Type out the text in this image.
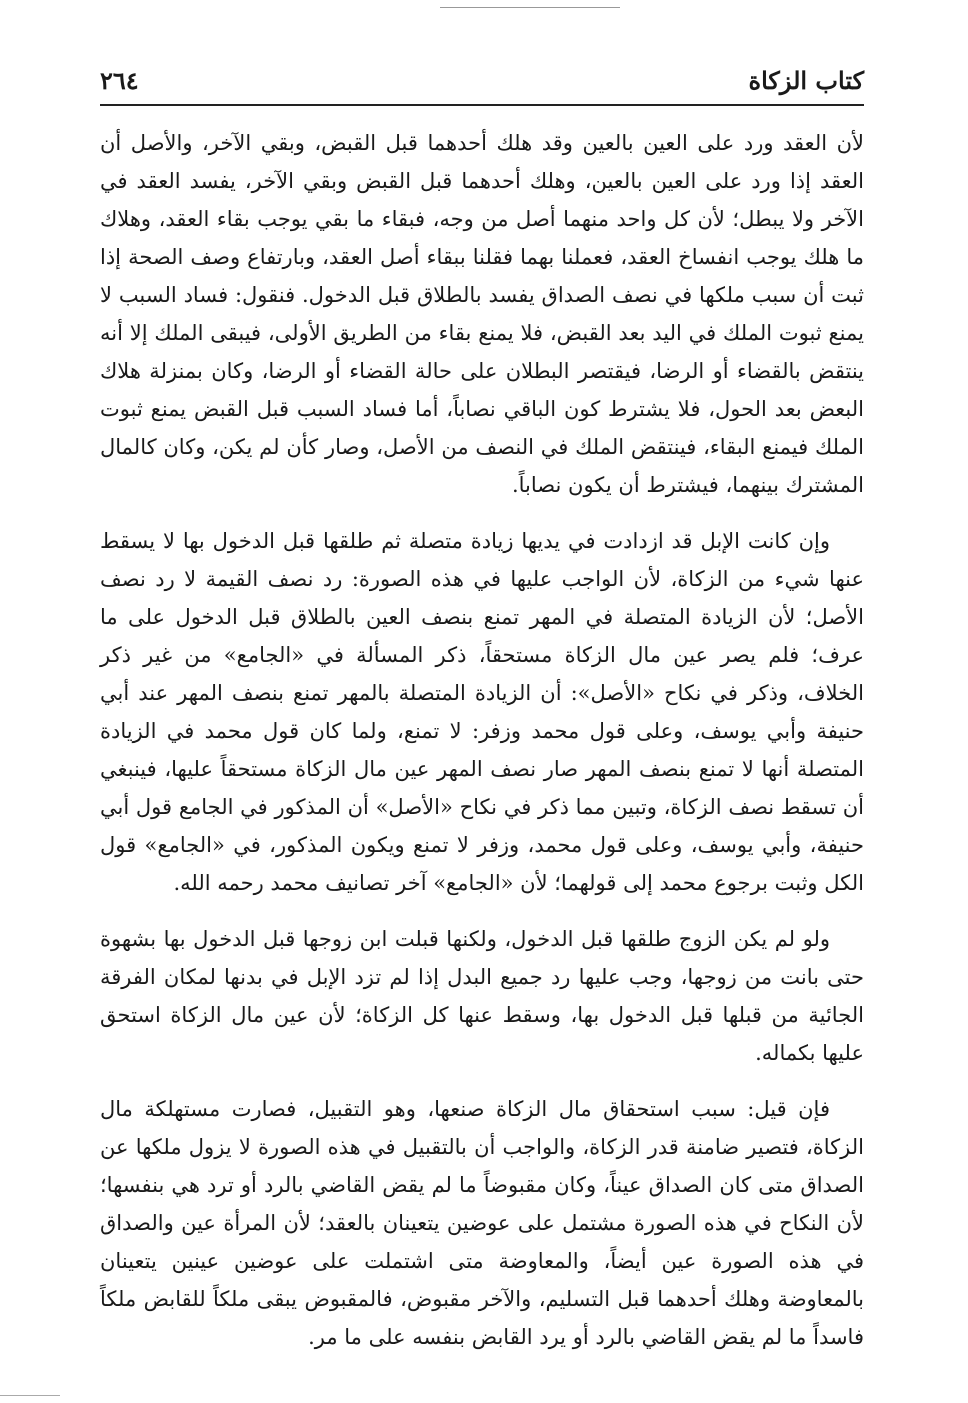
كتاب الزكاة
٢٦٤

لأن العقد ورد على العين بالعين وقد هلك أحدهما قبل القبض، وبقي الآخر، والأصل أن العقد إذا ورد على العين بالعين، وهلك أحدهما قبل القبض وبقي الآخر، يفسد العقد في الآخر ولا يبطل؛ لأن كل واحد منهما أصل من وجه، فبقاء ما بقي يوجب بقاء العقد، وهلاك ما هلك يوجب انفساخ العقد، فعملنا بهما فقلنا ببقاء أصل العقد، وبارتفاع وصف الصحة إذا ثبت أن سبب ملكها في نصف الصداق يفسد بالطلاق قبل الدخول. فنقول: فساد السبب لا يمنع ثبوت الملك في اليد بعد القبض، فلا يمنع بقاء من الطريق الأولى، فيبقى الملك إلا أنه ينتقض بالقضاء أو الرضا، فيقتصر البطلان على حالة القضاء أو الرضا، وكان بمنزلة هلاك البعض بعد الحول، فلا يشترط كون الباقي نصاباً، أما فساد السبب قبل القبض يمنع ثبوت الملك فيمنع البقاء، فينتقض الملك في النصف من الأصل، وصار كأن لم يكن، وكان كالمال المشترك بينهما، فيشترط أن يكون نصاباً.

وإن كانت الإبل قد ازدادت في يديها زيادة متصلة ثم طلقها قبل الدخول بها لا يسقط عنها شيء من الزكاة، لأن الواجب عليها في هذه الصورة: رد نصف القيمة لا رد نصف الأصل؛ لأن الزيادة المتصلة في المهر تمنع بنصف العين بالطلاق قبل الدخول على ما عرف؛ فلم يصر عين مال الزكاة مستحقاً، ذكر المسألة في «الجامع» من غير ذكر الخلاف، وذكر في نكاح «الأصل»: أن الزيادة المتصلة بالمهر تمنع بنصف المهر عند أبي حنيفة وأبي يوسف، وعلى قول محمد وزفر: لا تمنع، ولما كان قول محمد في الزيادة المتصلة أنها لا تمنع بنصف المهر صار نصف المهر عين مال الزكاة مستحقاً عليها، فينبغي أن تسقط نصف الزكاة، وتبين مما ذكر في نكاح «الأصل» أن المذكور في الجامع قول أبي حنيفة، وأبي يوسف، وعلى قول محمد، وزفر لا تمنع ويكون المذكور، في «الجامع» قول الكل وثبت برجوع محمد إلى قولهما؛ لأن «الجامع» آخر تصانيف محمد رحمه الله.

ولو لم يكن الزوج طلقها قبل الدخول، ولكنها قبلت ابن زوجها قبل الدخول بها بشهوة حتى بانت من زوجها، وجب عليها رد جميع البدل إذا لم تزد الإبل في بدنها لمكان الفرقة الجائية من قبلها قبل الدخول بها، وسقط عنها كل الزكاة؛ لأن عين مال الزكاة استحق عليها بكماله.

فإن قيل: سبب استحقاق مال الزكاة صنعها، وهو التقبيل، فصارت مستهلكة مال الزكاة، فتصير ضامنة قدر الزكاة، والواجب أن بالتقبيل في هذه الصورة لا يزول ملكها عن الصداق متى كان الصداق عيناً، وكان مقبوضاً ما لم يقض القاضي بالرد أو ترد هي بنفسها؛ لأن النكاح في هذه الصورة مشتمل على عوضين يتعينان بالعقد؛ لأن المرأة عين والصداق في هذه الصورة عين أيضاً، والمعاوضة متى اشتملت على عوضين عينين يتعينان بالمعاوضة وهلك أحدهما قبل التسليم، والآخر مقبوض، فالمقبوض يبقى ملكاً للقابض ملكاً فاسداً ما لم يقض القاضي بالرد أو يرد القابض بنفسه على ما مر.
